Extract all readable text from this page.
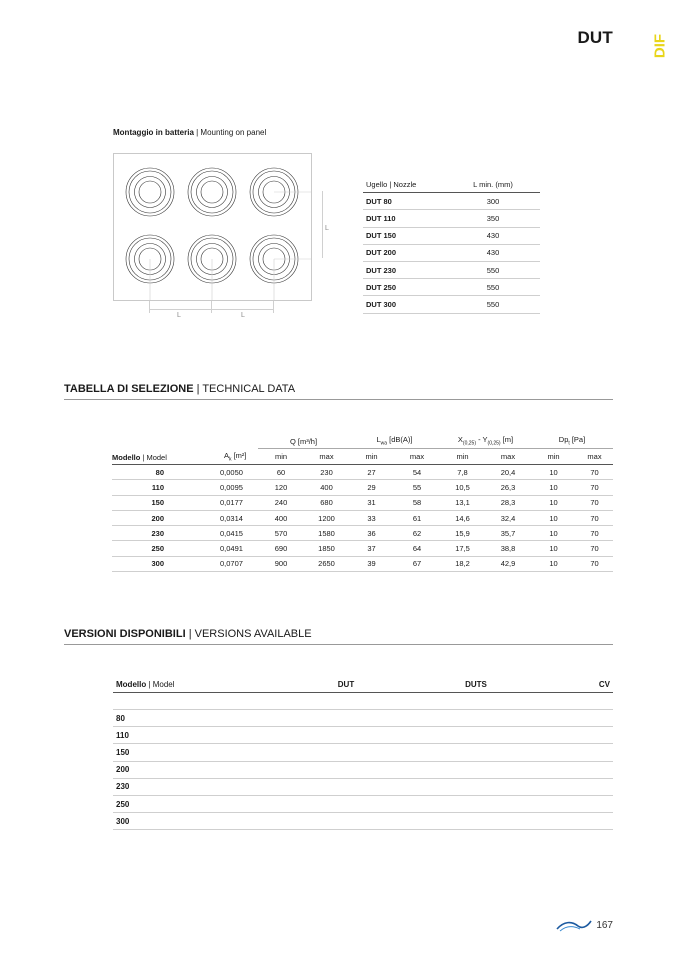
DUT	DIF
Montaggio in batteria | Mounting on panel
L	L
L
Ugello | Nozzle	L min. (mm)
DUT 80	300
DUT 110	350
DUT 150	430
DUT 200	430
DUT 230	550
DUT 250	550
DUT 300	550
TABELLA DI SELEZIONE | TECHNICAL DATA
Modello | Model	$A_k$ [m²]	Q [m³/h]		$L_{wa}$ [dB(A)]		$X_{(0,25)} - Y_{(0,25)}$ [m]		$Dp_t$ [Pa]	
		min	max	min	max	min	max	min	max
80	0,0050	60	230	27	54	7,8	20,4	10	70
110	0,0095	120	400	29	55	10,5	26,3	10	70
150	0,0177	240	680	31	58	13,1	28,3	10	70
200	0,0314	400	1200	33	61	14,6	32,4	10	70
230	0,0415	570	1580	36	62	15,9	35,7	10	70
250	0,0491	690	1850	37	64	17,5	38,8	10	70
300	0,0707	900	2650	39	67	18,2	42,9	10	70
VERSIONI DISPONIBILI | VERSIONS AVAILABLE
Modello | Model	DUT	DUTS	CV
80
110
150
200
230
250
300
167
